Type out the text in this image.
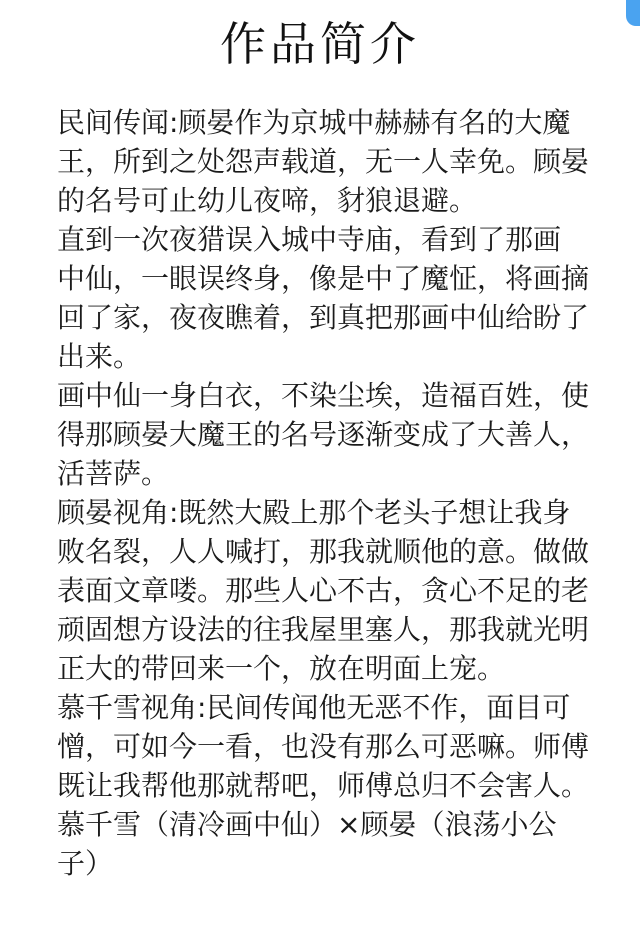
作品简介
民间传闻:顾晏作为京城中赫赫有名的大魔
王，所到之处怨声载道，无一人幸免。顾晏
的名号可止幼儿夜啼，豺狼退避。
直到一次夜猎误入城中寺庙，看到了那画
中仙，一眼误终身，像是中了魔怔，将画摘
回了家，夜夜瞧着，到真把那画中仙给盼了
出来。
画中仙一身白衣，不染尘埃，造福百姓，使
得那顾晏大魔王的名号逐渐变成了大善人，
活菩萨。
顾晏视角:既然大殿上那个老头子想让我身
败名裂，人人喊打，那我就顺他的意。做做
表面文章喽。那些人心不古，贪心不足的老
顽固想方设法的往我屋里塞人，那我就光明
正大的带回来一个，放在明面上宠。
慕千雪视角:民间传闻他无恶不作，面目可
憎，可如今一看，也没有那么可恶嘛。师傅
既让我帮他那就帮吧，师傅总归不会害人。
慕千雪（清冷画中仙）×顾晏（浪荡小公
子）
